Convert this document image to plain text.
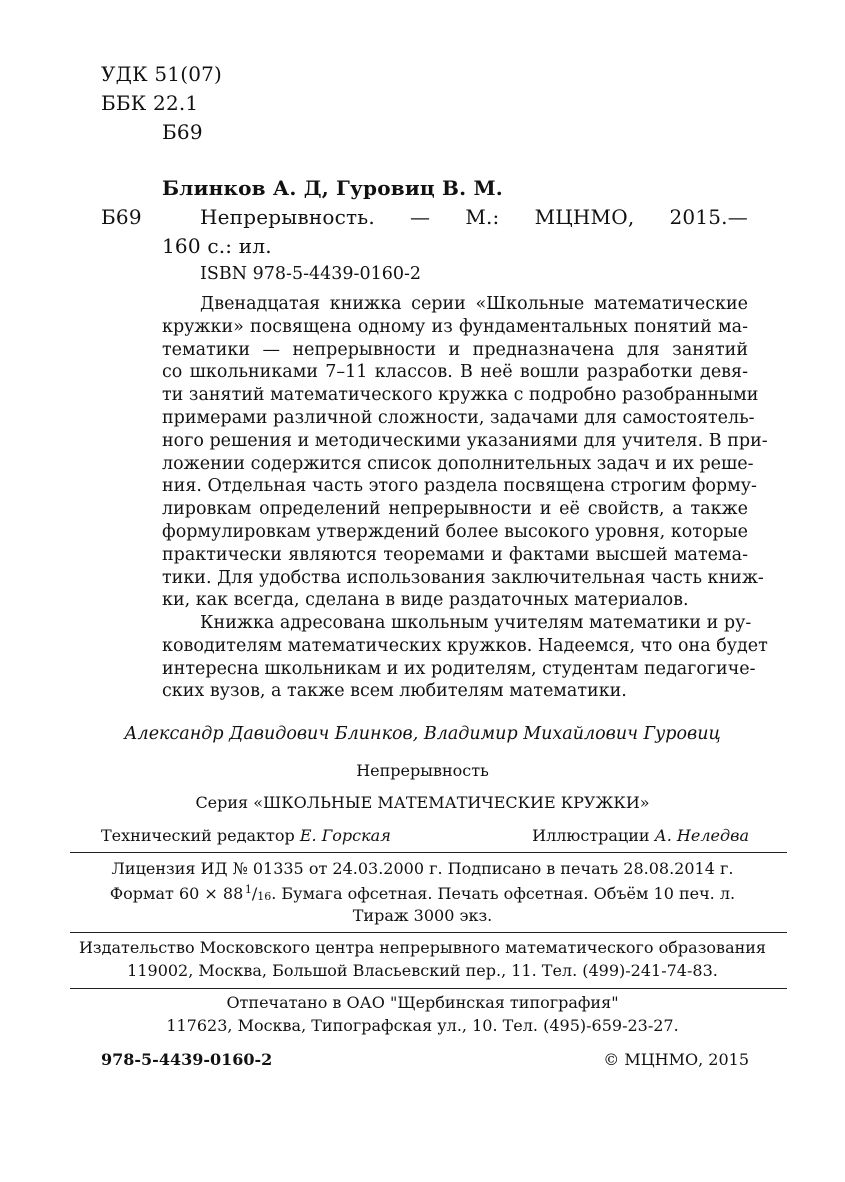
УДК 51(07)
ББК 22.1
Б69
Блинков А. Д, Гуровиц В. М.
Б69	Непрерывность. — М.: МЦНМО, 2015.—
160 с.: ил.
ISBN 978-5-4439-0160-2
Двенадцатая книжка серии «Школьные математические
кружки» посвящена одному из фундаментальных понятий ма-
тематики — непрерывности и предназначена для занятий
со школьниками 7–11 классов. В неё вошли разработки девя-
ти занятий математического кружка с подробно разобранными
примерами различной сложности, задачами для самостоятель-
ного решения и методическими указаниями для учителя. В при-
ложении содержится список дополнительных задач и их реше-
ния. Отдельная часть этого раздела посвящена строгим форму-
лировкам определений непрерывности и её свойств, а также
формулировкам утверждений более высокого уровня, которые
практически являются теоремами и фактами высшей матема-
тики. Для удобства использования заключительная часть книж-
ки, как всегда, сделана в виде раздаточных материалов.
Книжка адресована школьным учителям математики и ру-
ководителям математических кружков. Надеемся, что она будет
интересна школьникам и их родителям, студентам педагогиче-
ских вузов, а также всем любителям математики.
Александр Давидович Блинков, Владимир Михайлович Гуровиц
Непрерывность
Серия «ШКОЛЬНЫЕ МАТЕМАТИЧЕСКИЕ КРУЖКИ»
Технический редактор Е. Горская	Иллюстрации А. Неледва
Лицензия ИД № 01335 от 24.03.2000 г. Подписано в печать 28.08.2014 г.
Формат 60 × 88  $^1/_{16}$. Бумага офсетная. Печать офсетная. Объём 10 печ. л.
Тираж 3000 экз.
Издательство Московского центра непрерывного математического образования
119002, Москва, Большой Власьевский пер., 11. Тел. (499)-241-74-83.
Отпечатано в ОАО "Щербинская типография"
117623, Москва, Типографская ул., 10. Тел. (495)-659-23-27.
978-5-4439-0160-2	© МЦНМО, 2015
